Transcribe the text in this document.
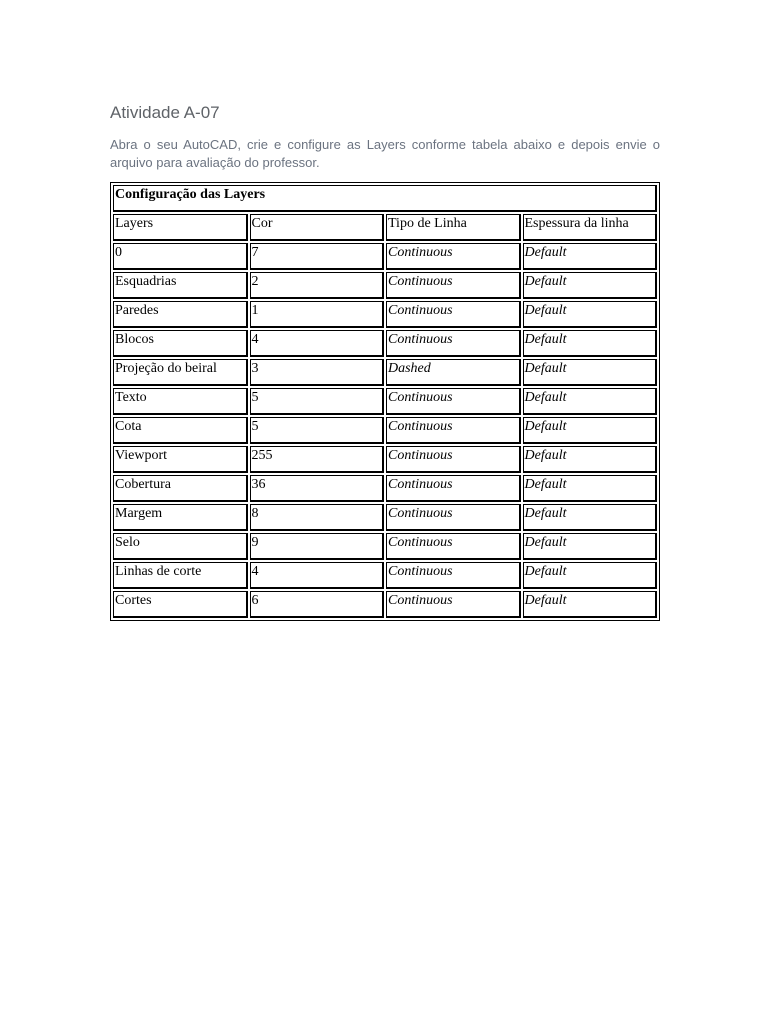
Atividade A-07

Abra o seu AutoCAD, crie e configure as Layers conforme tabela abaixo e depois envie o arquivo para avaliação do professor.

Configuração das Layers			
Layers	Cor	Tipo de Linha	Espessura da linha
0	7	Continuous	Default
Esquadrias	2	Continuous	Default
Paredes	1	Continuous	Default
Blocos	4	Continuous	Default
Projeção do beiral	3	Dashed	Default
Texto	5	Continuous	Default
Cota	5	Continuous	Default
Viewport	255	Continuous	Default
Cobertura	36	Continuous	Default
Margem	8	Continuous	Default
Selo	9	Continuous	Default
Linhas de corte	4	Continuous	Default
Cortes	6	Continuous	Default
